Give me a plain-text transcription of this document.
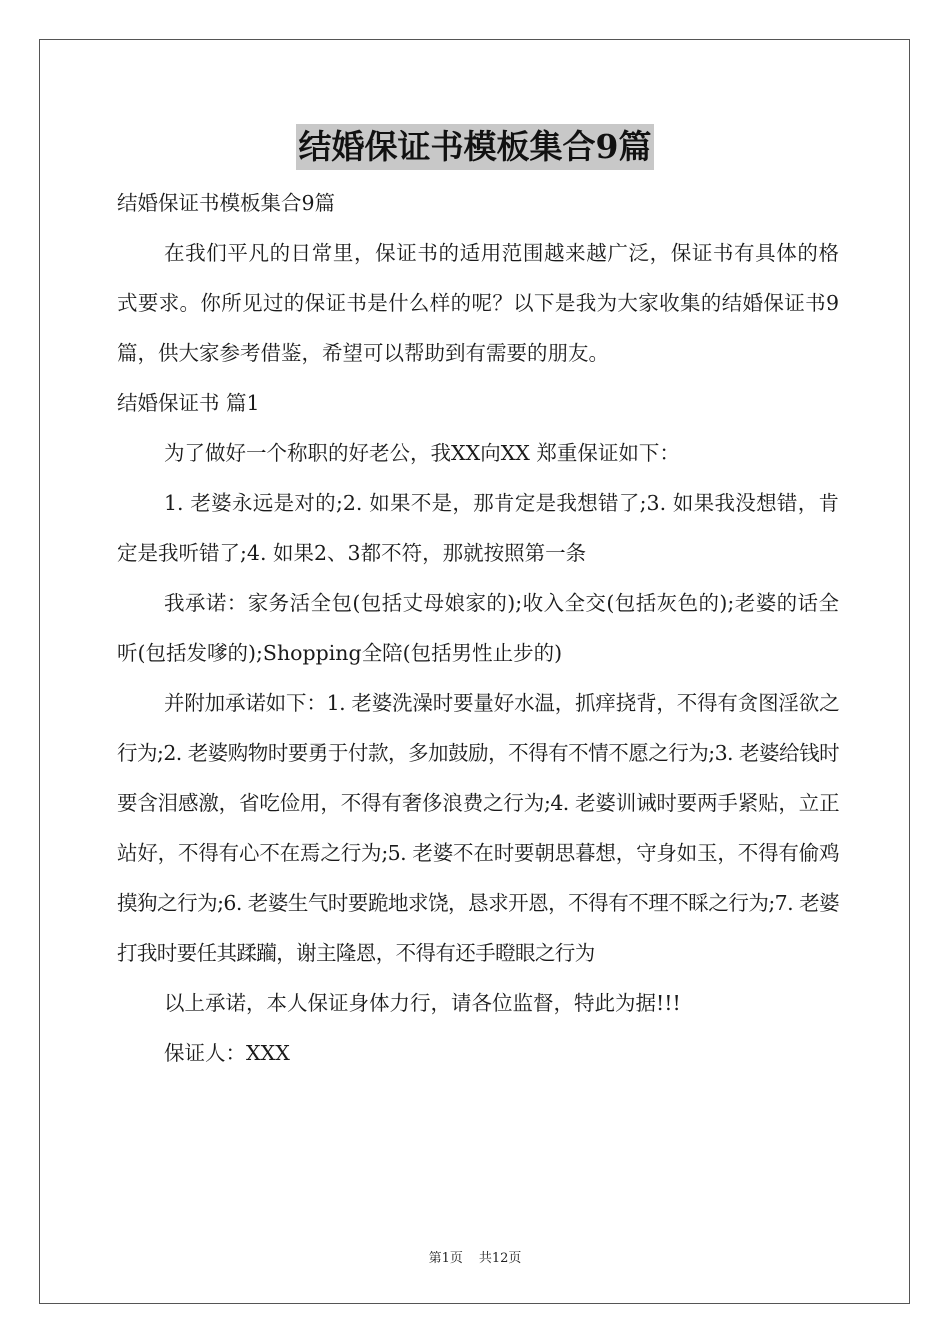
结婚保证书模板集合9篇

结婚保证书模板集合9篇

在我们平凡的日常里，保证书的适用范围越来越广泛，保证书有具体的格式要求。你所见过的保证书是什么样的呢？以下是我为大家收集的结婚保证书9篇，供大家参考借鉴，希望可以帮助到有需要的朋友。

结婚保证书 篇1

为了做好一个称职的好老公，我XX向XX 郑重保证如下：

1. 老婆永远是对的;2. 如果不是，那肯定是我想错了;3. 如果我没想错，肯定是我听错了;4. 如果2、3都不符，那就按照第一条

我承诺：家务活全包(包括丈母娘家的);收入全交(包括灰色的);老婆的话全听(包括发嗲的);Shopping全陪(包括男性止步的)

并附加承诺如下：1. 老婆洗澡时要量好水温，抓痒挠背，不得有贪图淫欲之行为;2. 老婆购物时要勇于付款，多加鼓励，不得有不情不愿之行为;3. 老婆给钱时要含泪感激，省吃俭用，不得有奢侈浪费之行为;4. 老婆训诫时要两手紧贴，立正站好，不得有心不在焉之行为;5. 老婆不在时要朝思暮想，守身如玉，不得有偷鸡摸狗之行为;6. 老婆生气时要跪地求饶，恳求开恩，不得有不理不睬之行为;7. 老婆打我时要任其蹂躏，谢主隆恩，不得有还手瞪眼之行为

以上承诺，本人保证身体力行，请各位监督，特此为据!!!

保证人：XXX

第1页 共12页
